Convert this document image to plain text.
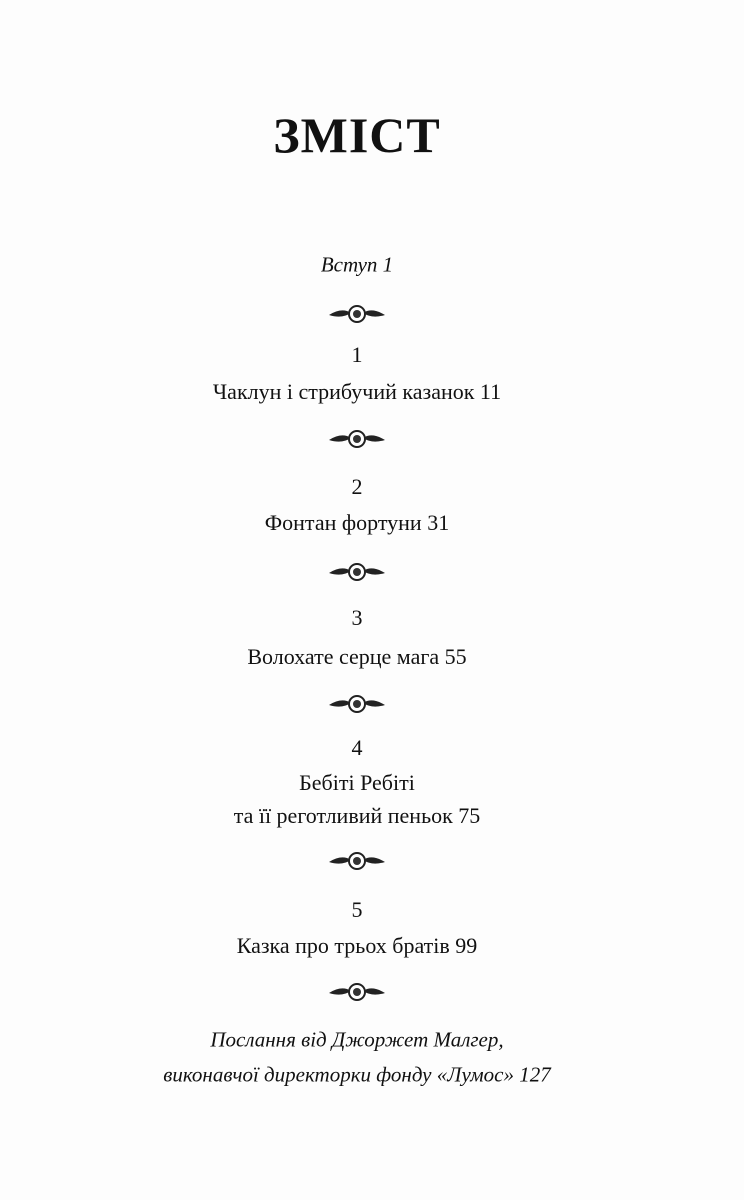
ЗМІСТ
Вступ 1
1
Чаклун і стрибучий казанок 11
2
Фонтан фортуни 31
3
Волохате серце мага 55
4
Бебіті Ребіті
та її реготливий пеньок 75
5
Казка про трьох братів 99
Послання від Джоржет Малгер,
виконавчої директорки фонду «Лумос» 127
